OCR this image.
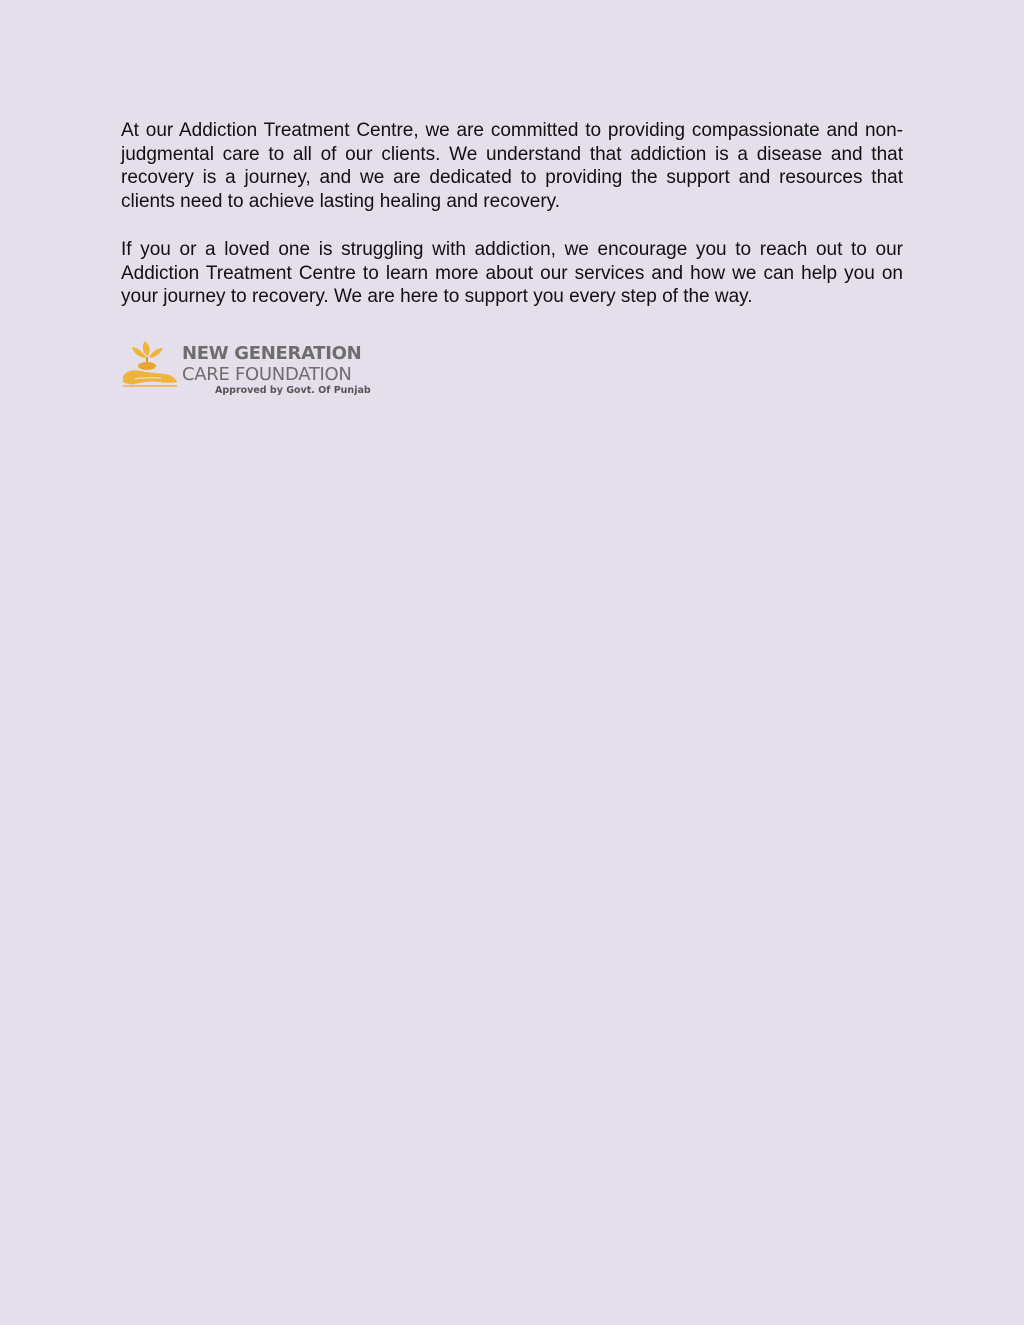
At our Addiction Treatment Centre, we are committed to providing compassionate and non-judgmental care to all of our clients. We understand that addiction is a disease and that recovery is a journey, and we are dedicated to providing the support and resources that clients need to achieve lasting healing and recovery.

If you or a loved one is struggling with addiction, we encourage you to reach out to our Addiction Treatment Centre to learn more about our services and how we can help you on your journey to recovery. We are here to support you every step of the way.

NEW GENERATION
CARE FOUNDATION
Approved by Govt. Of Punjab
